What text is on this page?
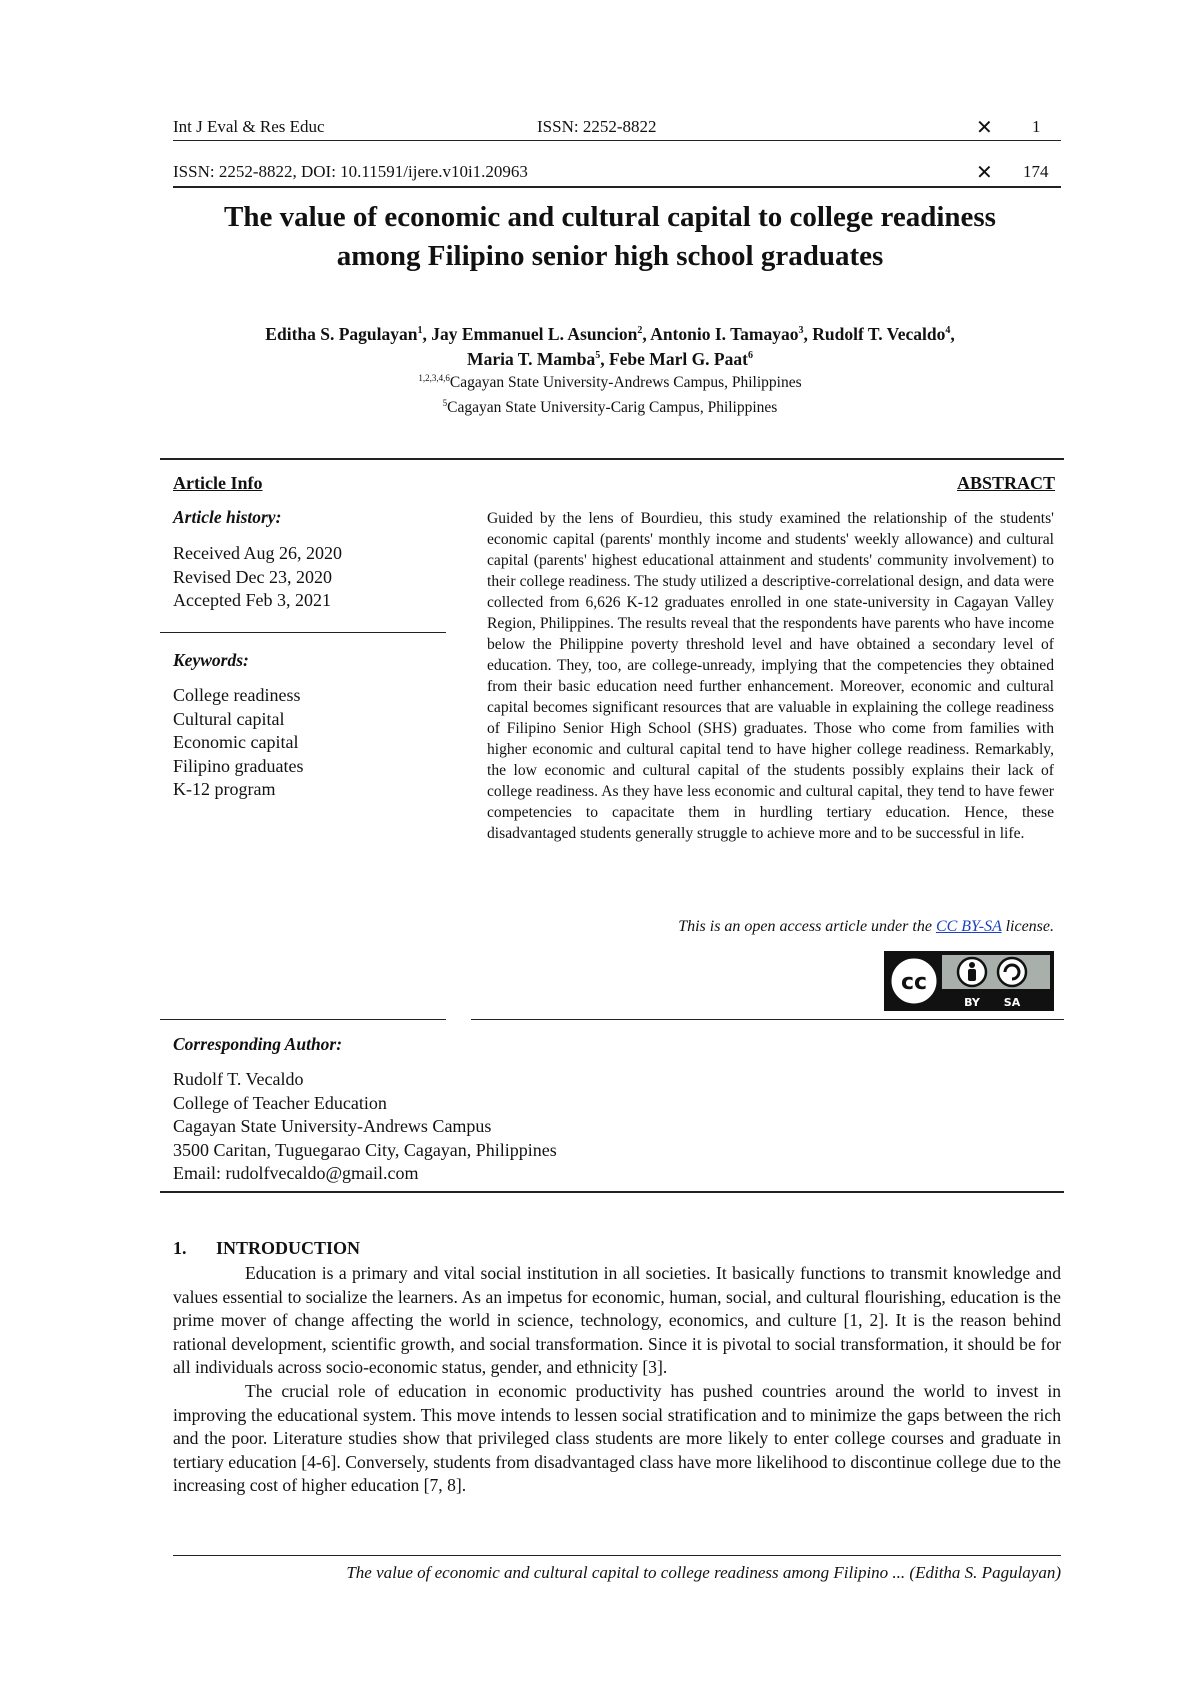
Int J Eval & Res Educ	ISSN: 2252-8822	✕ 1
ISSN: 2252-8822, DOI: 10.11591/ijere.v10i1.20963	✕ 174
The value of economic and cultural capital to college readiness
among Filipino senior high school graduates
Editha S. Pagulayan$^1$, Jay Emmanuel L. Asuncion$^2$, Antonio I. Tamayao$^3$, Rudolf T. Vecaldo$^4$,
Maria T. Mamba$^5$, Febe Marl G. Paat$^6$
$^{1,2,3,4,6}$Cagayan State University-Andrews Campus, Philippines
$^5$Cagayan State University-Carig Campus, Philippines
Article Info
Article history:
Received Aug 26, 2020
Revised Dec 23, 2020
Accepted Feb 3, 2021
Keywords:
College readiness
Cultural capital
Economic capital
Filipino graduates
K-12 program
ABSTRACT
Guided by the lens of Bourdieu, this study examined the relationship of the students' economic capital (parents' monthly income and students' weekly allowance) and cultural capital (parents' highest educational attainment and students' community involvement) to their college readiness. The study utilized a descriptive-correlational design, and data were collected from 6,626 K-12 graduates enrolled in one state-university in Cagayan Valley Region, Philippines. The results reveal that the respondents have parents who have income below the Philippine poverty threshold level and have obtained a secondary level of education. They, too, are college-unready, implying that the competencies they obtained from their basic education need further enhancement. Moreover, economic and cultural capital becomes significant resources that are valuable in explaining the college readiness of Filipino Senior High School (SHS) graduates. Those who come from families with higher economic and cultural capital tend to have higher college readiness. Remarkably, the low economic and cultural capital of the students possibly explains their lack of college readiness. As they have less economic and cultural capital, they tend to have fewer competencies to capacitate them in hurdling tertiary education. Hence, these disadvantaged students generally struggle to achieve more and to be successful in life.
This is an open access article under the CC BY-SA license.
cc
BY SA
Corresponding Author:
Rudolf T. Vecaldo
College of Teacher Education
Cagayan State University-Andrews Campus
3500 Caritan, Tuguegarao City, Cagayan, Philippines
Email: rudolfvecaldo@gmail.com
1. INTRODUCTION

Education is a primary and vital social institution in all societies. It basically functions to transmit knowledge and values essential to socialize the learners. As an impetus for economic, human, social, and cultural flourishing, education is the prime mover of change affecting the world in science, technology, economics, and culture [1, 2]. It is the reason behind rational development, scientific growth, and social transformation. Since it is pivotal to social transformation, it should be for all individuals across socio-economic status, gender, and ethnicity [3].

The crucial role of education in economic productivity has pushed countries around the world to invest in improving the educational system. This move intends to lessen social stratification and to minimize the gaps between the rich and the poor. Literature studies show that privileged class students are more likely to enter college courses and graduate in tertiary education [4-6]. Conversely, students from disadvantaged class have more likelihood to discontinue college due to the increasing cost of higher education [7, 8].

The value of economic and cultural capital to college readiness among Filipino ... (Editha S. Pagulayan)
